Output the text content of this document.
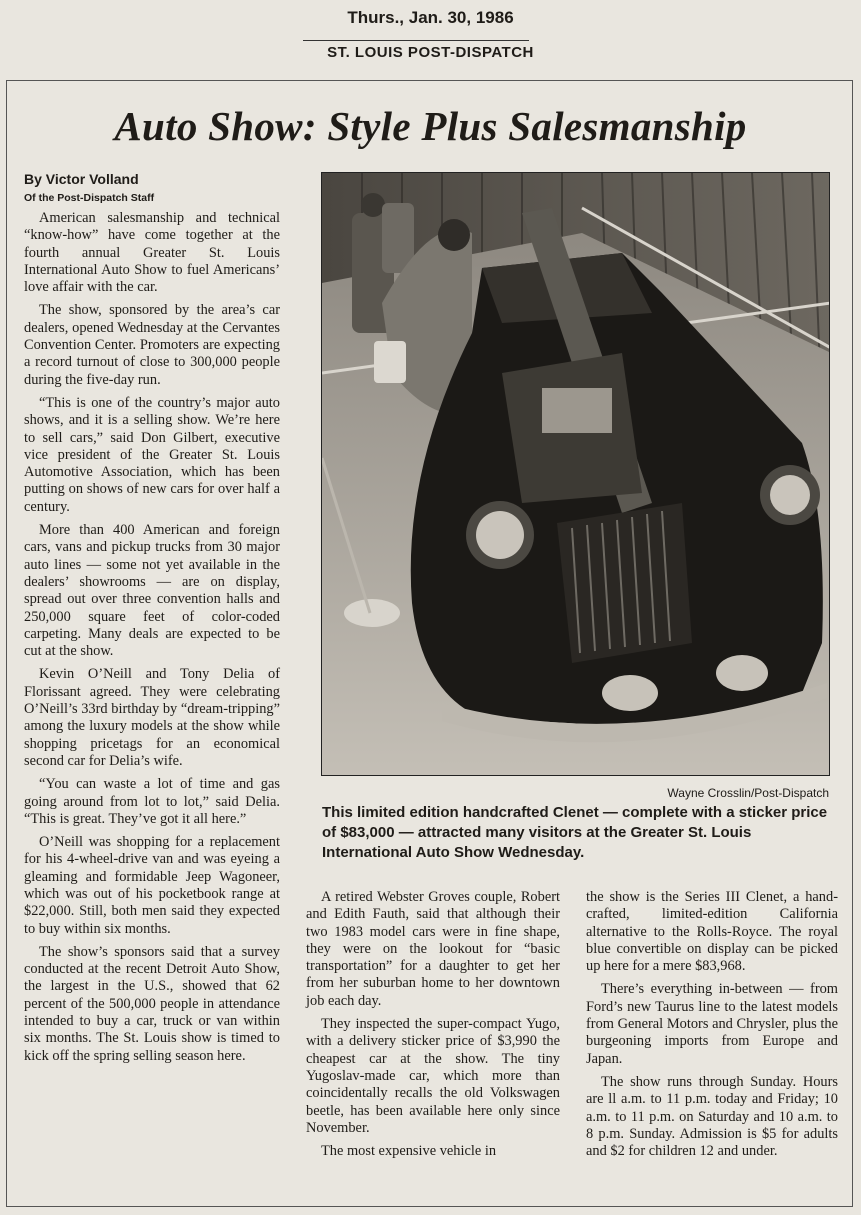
Thurs., Jan. 30, 1986
ST. LOUIS POST-DISPATCH
Auto Show: Style Plus Salesmanship
By Victor Volland
Of the Post-Dispatch Staff

American salesmanship and technical “know-how” have come together at the fourth annual Greater St. Louis International Auto Show to fuel Americans’ love affair with the car.

The show, sponsored by the area’s car dealers, opened Wednesday at the Cervantes Convention Center. Promoters are expecting a record turnout of close to 300,000 people during the five-day run.

“This is one of the country’s major auto shows, and it is a selling show. We’re here to sell cars,” said Don Gilbert, executive vice president of the Greater St. Louis Automotive Association, which has been putting on shows of new cars for over half a century.

More than 400 American and foreign cars, vans and pickup trucks from 30 major auto lines — some not yet available in the dealers’ showrooms — are on display, spread out over three convention halls and 250,000 square feet of color-coded carpeting. Many deals are expected to be cut at the show.

Kevin O’Neill and Tony Delia of Florissant agreed. They were celebrating O’Neill’s 33rd birthday by “dream-tripping” among the luxury models at the show while shopping pricetags for an economical second car for Delia’s wife.

“You can waste a lot of time and gas going around from lot to lot,” said Delia. “This is great. They’ve got it all here.”

O’Neill was shopping for a replacement for his 4-wheel-drive van and was eyeing a gleaming and formidable Jeep Wagoneer, which was out of his pocketbook range at $22,000. Still, both men said they expected to buy within six months.

The show’s sponsors said that a survey conducted at the recent Detroit Auto Show, the largest in the U.S., showed that 62 percent of the 500,000 people in attendance intended to buy a car, truck or van within six months. The St. Louis show is timed to kick off the spring selling season here.

Wayne Crosslin/Post-Dispatch
This limited edition handcrafted Clenet — complete with a sticker price of $83,000 — attracted many visitors at the Greater St. Louis International Auto Show Wednesday.

A retired Webster Groves couple, Robert and Edith Fauth, said that although their two 1983 model cars were in fine shape, they were on the lookout for “basic transportation” for a daughter to get her from her suburban home to her downtown job each day.

They inspected the super-compact Yugo, with a delivery sticker price of $3,990 the cheapest car at the show. The tiny Yugoslav-made car, which more than coincidentally recalls the old Volkswagen beetle, has been available here only since November.

The most expensive vehicle in

the show is the Series III Clenet, a hand-crafted, limited-edition California alternative to the Rolls-Royce. The royal blue convertible on display can be picked up here for a mere $83,968.

There’s everything in-between — from Ford’s new Taurus line to the latest models from General Motors and Chrysler, plus the burgeoning imports from Europe and Japan.

The show runs through Sunday. Hours are ll a.m. to 11 p.m. today and Friday; 10 a.m. to 11 p.m. on Saturday and 10 a.m. to 8 p.m. Sunday. Admission is $5 for adults and $2 for children 12 and under.
